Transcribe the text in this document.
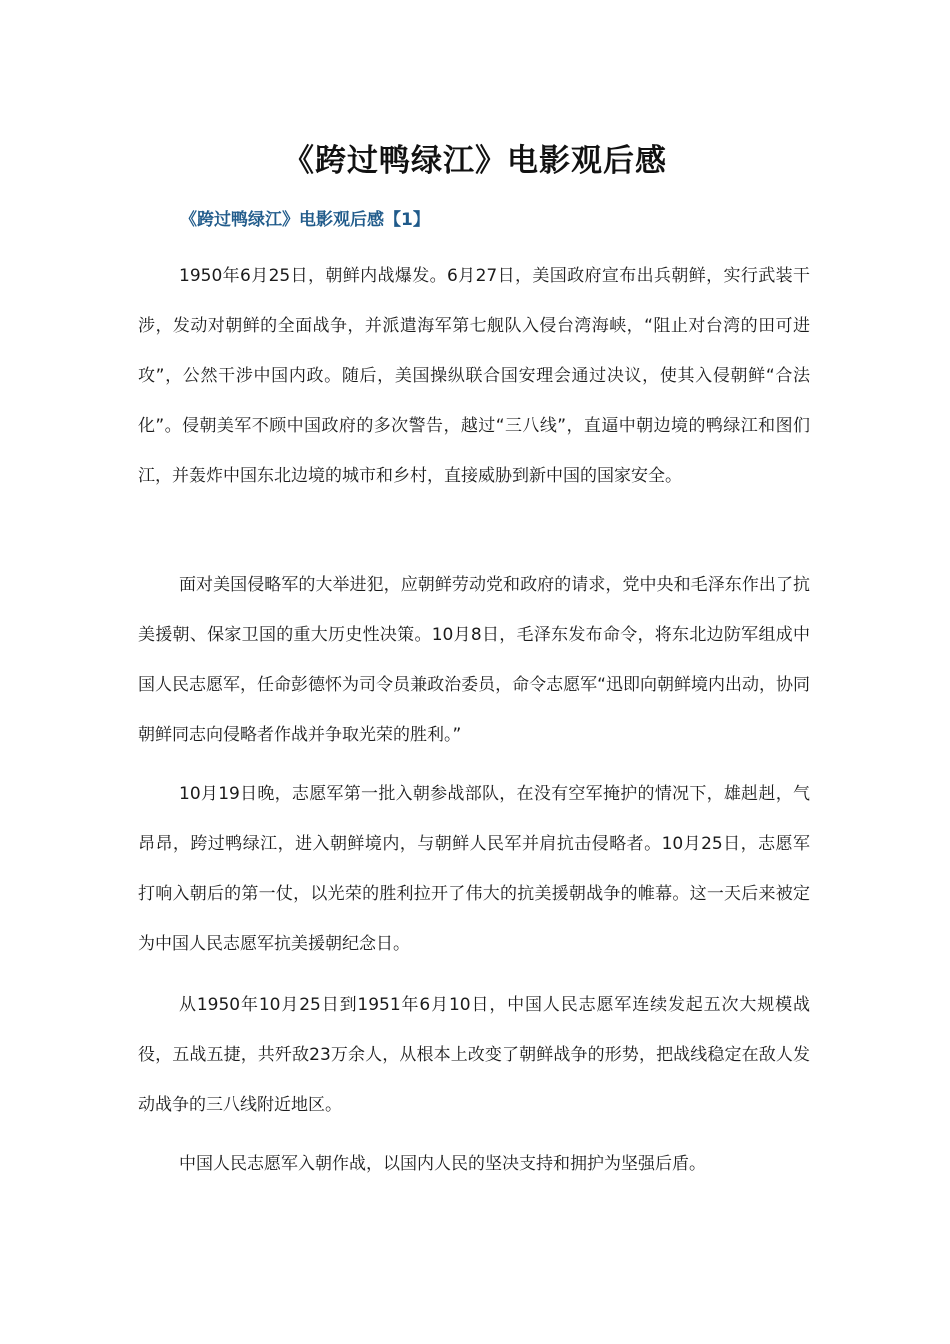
《跨过鸭绿江》电影观后感
《跨过鸭绿江》电影观后感【1】

1950年6月25日，朝鲜内战爆发。6月27日，美国政府宣布出兵朝鲜，实行武装干涉，发动对朝鲜的全面战争，并派遣海军第七舰队入侵台湾海峡，“阻止对台湾的田可进攻”，公然干涉中国内政。随后，美国操纵联合国安理会通过决议，使其入侵朝鲜“合法化”。侵朝美军不顾中国政府的多次警告，越过“三八线”，直逼中朝边境的鸭绿江和图们江，并轰炸中国东北边境的城市和乡村，直接威胁到新中国的国家安全。

面对美国侵略军的大举进犯，应朝鲜劳动党和政府的请求，党中央和毛泽东作出了抗美援朝、保家卫国的重大历史性决策。10月8日，毛泽东发布命令，将东北边防军组成中国人民志愿军，任命彭德怀为司令员兼政治委员，命令志愿军“迅即向朝鲜境内出动，协同朝鲜同志向侵略者作战并争取光荣的胜利。”

10月19日晚，志愿军第一批入朝参战部队，在没有空军掩护的情况下，雄赳赳，气昂昂，跨过鸭绿江，进入朝鲜境内，与朝鲜人民军并肩抗击侵略者。10月25日，志愿军打响入朝后的第一仗，以光荣的胜利拉开了伟大的抗美援朝战争的帷幕。这一天后来被定为中国人民志愿军抗美援朝纪念日。

从1950年10月25日到1951年6月10日，中国人民志愿军连续发起五次大规模战役，五战五捷，共歼敌23万余人，从根本上改变了朝鲜战争的形势，把战线稳定在敌人发动战争的三八线附近地区。

中国人民志愿军入朝作战，以国内人民的坚决支持和拥护为坚强后盾。
